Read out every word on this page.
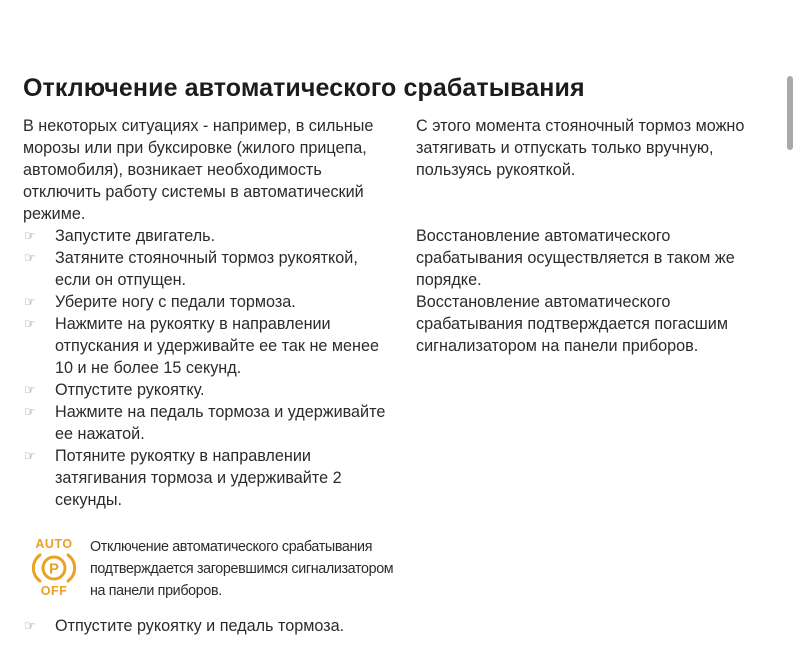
Отключение автоматического срабатывания

В некоторых ситуациях - например, в сильные морозы или при буксировке (жилого прицепа, автомобиля), возникает необходимость отключить работу системы в автоматический режиме.

☞ Запустите двигатель.
☞ Затяните стояночный тормоз рукояткой, если он отпущен.
☞ Уберите ногу с педали тормоза.
☞ Нажмите на рукоятку в направлении отпускания и удерживайте ее так не менее 10 и не более 15 секунд.
☞ Отпустите рукоятку.
☞ Нажмите на педаль тормоза и удерживайте ее нажатой.
☞ Потяните рукоятку в направлении затягивания тормоза и удерживайте 2 секунды.
AUTO
P
OFF

Отключение автоматического срабатывания подтверждается загоревшимся сигнализатором на панели приборов.

☞ Отпустите рукоятку и педаль тормоза.

С этого момента стояночный тормоз можно затягивать и отпускать только вручную, пользуясь рукояткой.

Восстановление автоматического срабатывания осуществляется в таком же порядке.

Восстановление автоматического срабатывания подтверждается погасшим сигнализатором на панели приборов.
